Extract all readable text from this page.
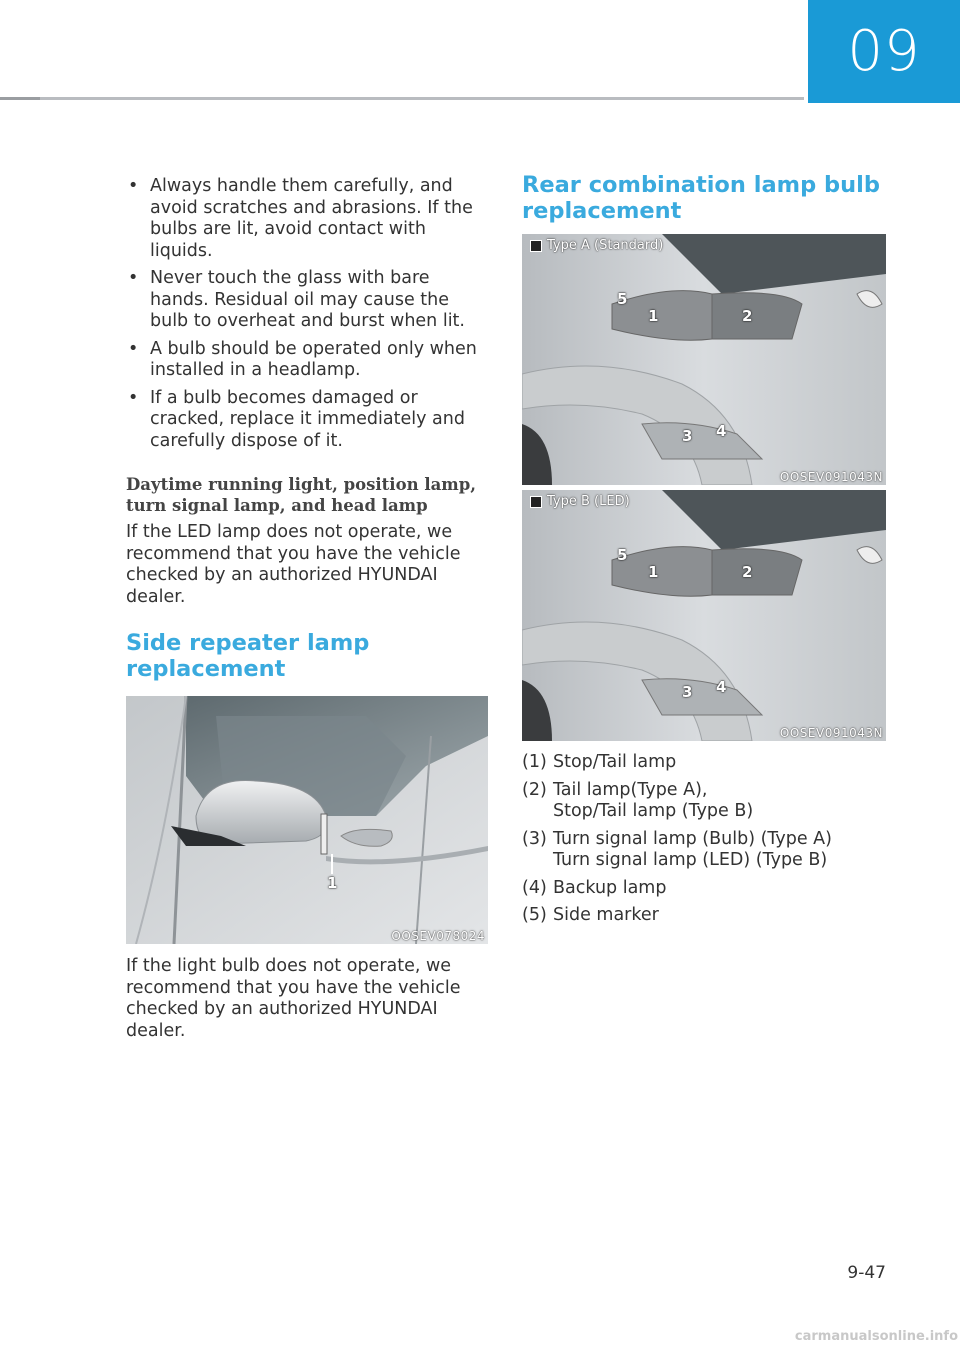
09
• Always handle them carefully, and avoid scratches and abrasions. If the bulbs are lit, avoid contact with liquids.
• Never touch the glass with bare hands. Residual oil may cause the bulb to overheat and burst when lit.
• A bulb should be operated only when installed in a headlamp.
• If a bulb becomes damaged or cracked, replace it immediately and carefully dispose of it.
Daytime running light, position lamp, turn signal lamp, and head lamp

If the LED lamp does not operate, we recommend that you have the vehicle checked by an authorized HYUNDAI dealer.

Side repeater lamp replacement
1
OOSEV078024

If the light bulb does not operate, we recommend that you have the vehicle checked by an authorized HYUNDAI dealer.

Rear combination lamp bulb replacement
Type A (Standard)
5
1	2
3 4
OOSEV091043N
Type B (LED)
5
1	2
3 4
OOSEV091043N
(1) Stop/Tail lamp
(2) Tail lamp(Type A),
Stop/Tail lamp (Type B)
(3) Turn signal lamp (Bulb) (Type A)
Turn signal lamp (LED) (Type B)
(4) Backup lamp
(5) Side marker
9-47
carmanualsonline.info
